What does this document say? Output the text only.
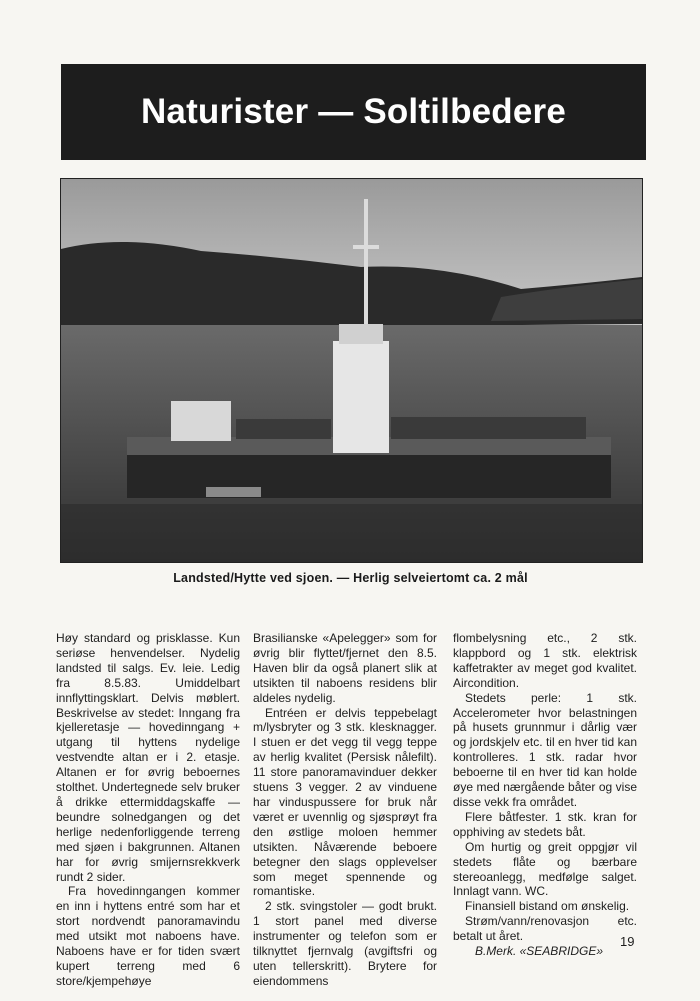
Naturister — Soltilbedere
Landsted/Hytte ved sjoen. — Herlig selveiertomt ca. 2 mål

Høy standard og prisklasse. Kun seriøse henvendelser. Nydelig landsted til salgs. Ev. leie. Ledig fra 8.5.83. Umiddelbart innflyttingsklart. Delvis møblert. Beskrivelse av stedet: Inngang fra kjelleretasje — hovedinngang + utgang til hyttens nydelige vestvendte altan er i 2. etasje. Altanen er for øvrig beboernes stolthet. Undertegnede selv bruker å drikke ettermiddagskaffe — beundre solnedgangen og det herlige nedenforliggende terreng med sjøen i bakgrunnen. Altanen har for øvrig smijernsrekkverk rundt 2 sider.

Fra hovedinngangen kommer en inn i hyttens entré som har et stort nordvendt panoramavindu med utsikt mot naboens have. Naboens have er for tiden svært kupert terreng med 6 store/kjempehøye

Brasilianske «Apelegger» som for øvrig blir flyttet/fjernet den 8.5. Haven blir da også planert slik at utsikten til naboens residens blir aldeles nydelig.

Entréen er delvis teppebelagt m/lysbryter og 3 stk. klesknagger. I stuen er det vegg til vegg teppe av herlig kvalitet (Persisk nålefilt). 11 store panoramavinduer dekker stuens 3 vegger. 2 av vinduene har vinduspussere for bruk når været er uvennlig og sjøsprøyt fra den østlige moloen hemmer utsikten. Nåværende beboere betegner den slags opplevelser som meget spennende og romantiske.

2 stk. svingstoler — godt brukt. 1 stort panel med diverse instrumenter og telefon som er tilknyttet fjernvalg (avgiftsfri og uten tellerskritt). Brytere for eiendommens

flombelysning etc., 2 stk. klappbord og 1 stk. elektrisk kaffetrakter av meget god kvalitet. Aircondition.

Stedets perle: 1 stk. Accelerometer hvor belastningen på husets grunnmur i dårlig vær og jordskjelv etc. til en hver tid kan kontrolleres. 1 stk. radar hvor beboerne til en hver tid kan holde øye med nærgående båter og vise disse vekk fra området.

Flere båtfester. 1 stk. kran for opphiving av stedets båt.

Om hurtig og greit oppgjør vil stedets flåte og bærbare stereoanlegg, medfølge salget. Innlagt vann. WC.

Finansiell bistand om ønskelig.

Strøm/vann/renovasjon etc. betalt ut året.

B.Merk. «SEABRIDGE»

19
